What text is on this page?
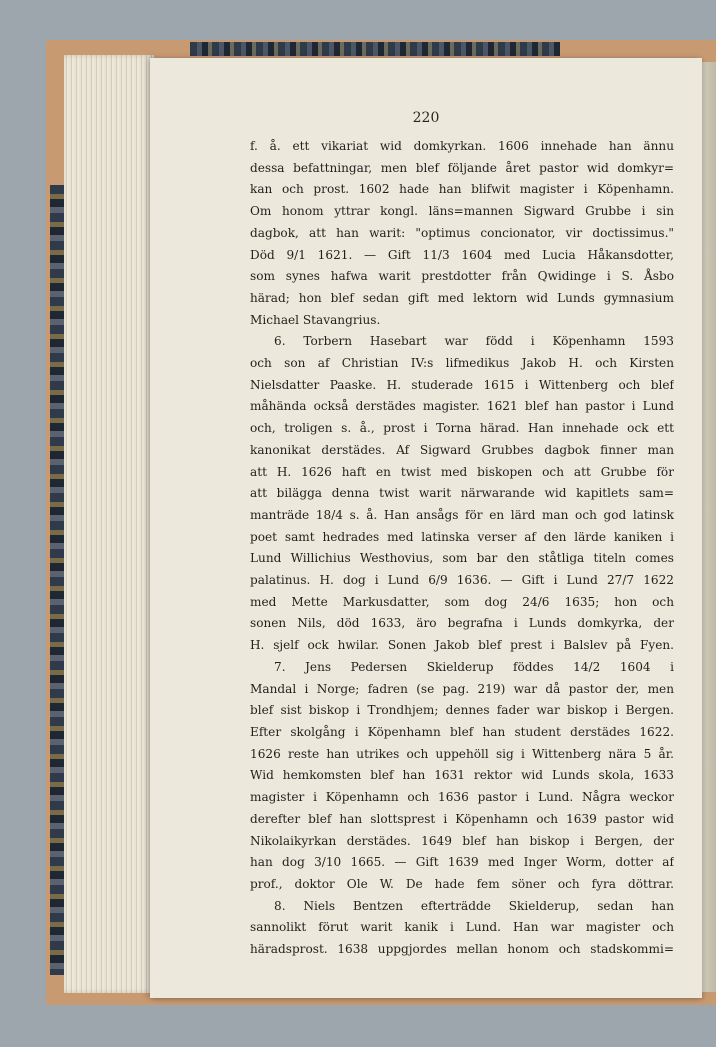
220
f. å. ett vikariat wid domkyrkan. 1606 innehade han ännu
dessa befattningar, men blef följande året pastor wid domkyr=
kan och prost. 1602 hade han blifwit magister i Köpenhamn.
Om honom yttrar kongl. läns=mannen Sigward Grubbe i sin
dagbok, att han warit: "optimus concionator, vir doctissimus."
Död 9/1 1621. — Gift 11/3 1604 med Lucia Håkansdotter,
som synes hafwa warit prestdotter från Qwidinge i S. Åsbo
härad; hon blef sedan gift med lektorn wid Lunds gymnasium
Michael Stavangrius.
6. Torbern Hasebart war född i Köpenhamn 1593
och son af Christian IV:s lifmedikus Jakob H. och Kirsten
Nielsdatter Paaske. H. studerade 1615 i Wittenberg och blef
måhända också derstädes magister. 1621 blef han pastor i Lund
och, troligen s. å., prost i Torna härad. Han innehade ock ett
kanonikat derstädes. Af Sigward Grubbes dagbok finner man
att H. 1626 haft en twist med biskopen och att Grubbe för
att bilägga denna twist warit närwarande wid kapitlets sam=
manträde 18/4 s. å. Han ansågs för en lärd man och god latinsk
poet samt hedrades med latinska verser af den lärde kaniken i
Lund Willichius Westhovius, som bar den ståtliga titeln comes
palatinus. H. dog i Lund 6/9 1636. — Gift i Lund 27/7 1622
med Mette Markusdatter, som dog 24/6 1635; hon och
sonen Nils, död 1633, äro begrafna i Lunds domkyrka, der
H. sjelf ock hwilar. Sonen Jakob blef prest i Balslev på Fyen.
7. Jens Pedersen Skielderup föddes 14/2 1604 i
Mandal i Norge; fadren (se pag. 219) war då pastor der, men
blef sist biskop i Trondhjem; dennes fader war biskop i Bergen.
Efter skolgång i Köpenhamn blef han student derstädes 1622.
1626 reste han utrikes och uppehöll sig i Wittenberg nära 5 år.
Wid hemkomsten blef han 1631 rektor wid Lunds skola, 1633
magister i Köpenhamn och 1636 pastor i Lund. Några weckor
derefter blef han slottsprest i Köpenhamn och 1639 pastor wid
Nikolaikyrkan derstädes. 1649 blef han biskop i Bergen, der
han dog 3/10 1665. — Gift 1639 med Inger Worm, dotter af
prof., doktor Ole W. De hade fem söner och fyra döttrar.
8. Niels Bentzen efterträdde Skielderup, sedan han
sannolikt förut warit kanik i Lund. Han war magister och
häradsprost. 1638 uppgjordes mellan honom och stadskommi=
